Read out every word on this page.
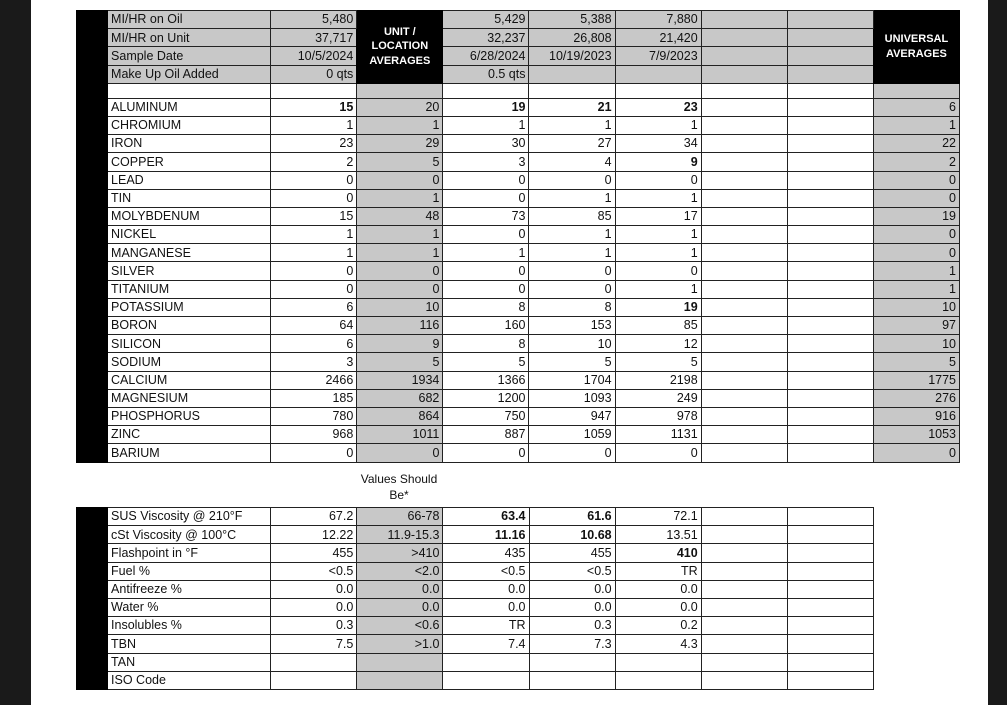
	MI/HR on Oil	5,480	UNIT / LOCATION AVERAGES	5,429	5,388	7,880			UNIVERSAL AVERAGES
	MI/HR on Unit	37,717		32,237	26,808	21,420			
	Sample Date	10/5/2024		6/28/2024	10/19/2023	7/9/2023			
	Make Up Oil Added	0 qts		0.5 qts					

	ALUMINUM	15	20	19	21	23			6
	CHROMIUM	1	1	1	1	1			1
	IRON	23	29	30	27	34			22
	COPPER	2	5	3	4	9			2
	LEAD	0	0	0	0	0			0
	TIN	0	1	0	1	1			0
	MOLYBDENUM	15	48	73	85	17			19
	NICKEL	1	1	0	1	1			0
	MANGANESE	1	1	1	1	1			0
	SILVER	0	0	0	0	0			1
	TITANIUM	0	0	0	0	1			1
	POTASSIUM	6	10	8	8	19			10
	BORON	64	116	160	153	85			97
	SILICON	6	9	8	10	12			10
	SODIUM	3	5	5	5	5			5
	CALCIUM	2466	1934	1366	1704	2198			1775
	MAGNESIUM	185	682	1200	1093	249			276
	PHOSPHORUS	780	864	750	947	978			916
	ZINC	968	1011	887	1059	1131			1053
	BARIUM	0	0	0	0	0			0
Values Should Be*
	SUS Viscosity @ 210°F	67.2	66-78	63.4	61.6	72.1		
	cSt Viscosity @ 100°C	12.22	11.9-15.3	11.16	10.68	13.51		
	Flashpoint in °F	455	>410	435	455	410		
	Fuel %	<0.5	<2.0	<0.5	<0.5	TR		
	Antifreeze %	0.0	0.0	0.0	0.0	0.0		
	Water %	0.0	0.0	0.0	0.0	0.0		
	Insolubles %	0.3	<0.6	TR	0.3	0.2		
	TBN	7.5	>1.0	7.4	7.3	4.3		
	TAN							
	ISO Code							
